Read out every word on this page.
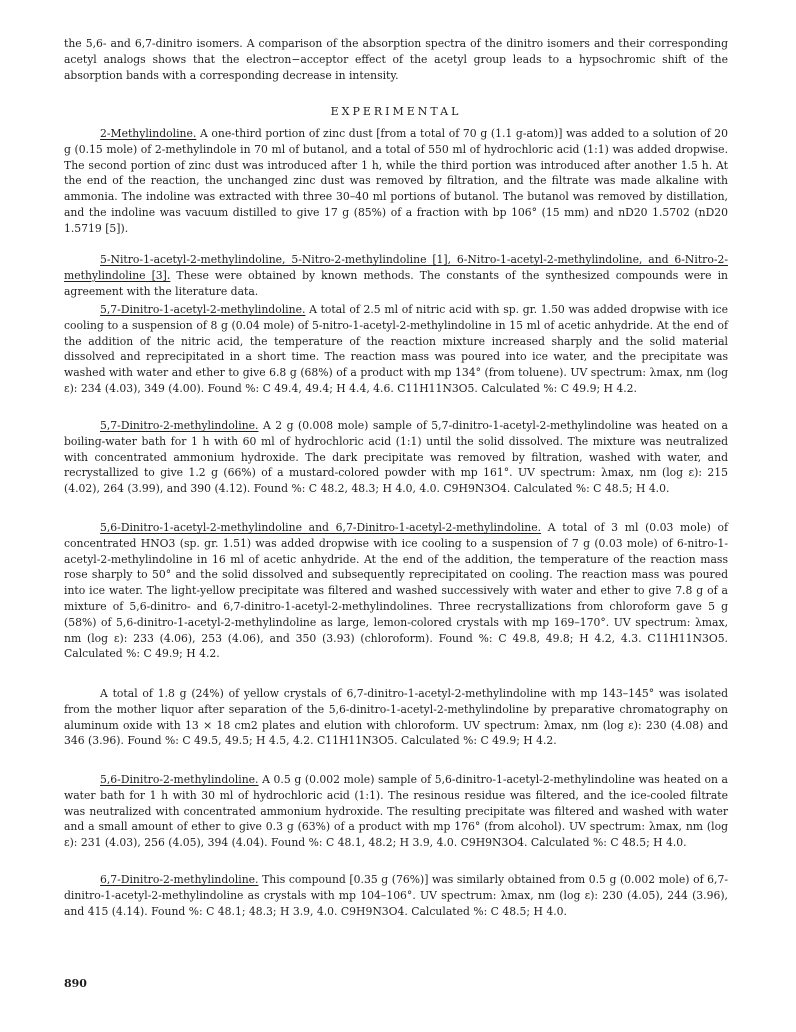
the 5,6- and 6,7-dinitro isomers. A comparison of the absorption spectra of the dinitro isomers and their corresponding acetyl analogs shows that the electron−acceptor effect of the acetyl group leads to a hypsochromic shift of the absorption bands with a corresponding decrease in intensity.

EXPERIMENTAL

2-Methylindoline. A one-third portion of zinc dust [from a total of 70 g (1.1 g-atom)] was added to a solution of 20 g (0.15 mole) of 2-methylindole in 70 ml of butanol, and a total of 550 ml of hydrochloric acid (1:1) was added dropwise. The second portion of zinc dust was introduced after 1 h, while the third portion was introduced after another 1.5 h. At the end of the reaction, the unchanged zinc dust was removed by filtration, and the filtrate was made alkaline with ammonia. The indoline was extracted with three 30–40 ml portions of butanol. The butanol was removed by distillation, and the indoline was vacuum distilled to give 17 g (85%) of a fraction with bp 106° (15 mm) and nD20 1.5702 (nD20 1.5719 [5]).

5-Nitro-1-acetyl-2-methylindoline, 5-Nitro-2-methylindoline [1], 6-Nitro-1-acetyl-2-methylindoline, and 6-Nitro-2-methylindoline [3]. These were obtained by known methods. The constants of the synthesized compounds were in agreement with the literature data.

5,7-Dinitro-1-acetyl-2-methylindoline. A total of 2.5 ml of nitric acid with sp. gr. 1.50 was added dropwise with ice cooling to a suspension of 8 g (0.04 mole) of 5-nitro-1-acetyl-2-methylindoline in 15 ml of acetic anhydride. At the end of the addition of the nitric acid, the temperature of the reaction mixture increased sharply and the solid material dissolved and reprecipitated in a short time. The reaction mass was poured into ice water, and the precipitate was washed with water and ether to give 6.8 g (68%) of a product with mp 134° (from toluene). UV spectrum: λmax, nm (log ε): 234 (4.03), 349 (4.00). Found %: C 49.4, 49.4; H 4.4, 4.6. C11H11N3O5. Calculated %: C 49.9; H 4.2.

5,7-Dinitro-2-methylindoline. A 2 g (0.008 mole) sample of 5,7-dinitro-1-acetyl-2-methylindoline was heated on a boiling-water bath for 1 h with 60 ml of hydrochloric acid (1:1) until the solid dissolved. The mixture was neutralized with concentrated ammonium hydroxide. The dark precipitate was removed by filtration, washed with water, and recrystallized to give 1.2 g (66%) of a mustard-colored powder with mp 161°. UV spectrum: λmax, nm (log ε): 215 (4.02), 264 (3.99), and 390 (4.12). Found %: C 48.2, 48.3; H 4.0, 4.0. C9H9N3O4. Calculated %: C 48.5; H 4.0.

5,6-Dinitro-1-acetyl-2-methylindoline and 6,7-Dinitro-1-acetyl-2-methylindoline. A total of 3 ml (0.03 mole) of concentrated HNO3 (sp. gr. 1.51) was added dropwise with ice cooling to a suspension of 7 g (0.03 mole) of 6-nitro-1-acetyl-2-methylindoline in 16 ml of acetic anhydride. At the end of the addition, the temperature of the reaction mass rose sharply to 50° and the solid dissolved and subsequently reprecipitated on cooling. The reaction mass was poured into ice water. The light-yellow precipitate was filtered and washed successively with water and ether to give 7.8 g of a mixture of 5,6-dinitro- and 6,7-dinitro-1-acetyl-2-methylindolines. Three recrystallizations from chloroform gave 5 g (58%) of 5,6-dinitro-1-acetyl-2-methylindoline as large, lemon-colored crystals with mp 169–170°. UV spectrum: λmax, nm (log ε): 233 (4.06), 253 (4.06), and 350 (3.93) (chloroform). Found %: C 49.8, 49.8; H 4.2, 4.3. C11H11N3O5. Calculated %: C 49.9; H 4.2.

A total of 1.8 g (24%) of yellow crystals of 6,7-dinitro-1-acetyl-2-methylindoline with mp 143–145° was isolated from the mother liquor after separation of the 5,6-dinitro-1-acetyl-2-methylindoline by preparative chromatography on aluminum oxide with 13 × 18 cm2 plates and elution with chloroform. UV spectrum: λmax, nm (log ε): 230 (4.08) and 346 (3.96). Found %: C 49.5, 49.5; H 4.5, 4.2. C11H11N3O5. Calculated %: C 49.9; H 4.2.

5,6-Dinitro-2-methylindoline. A 0.5 g (0.002 mole) sample of 5,6-dinitro-1-acetyl-2-methylindoline was heated on a water bath for 1 h with 30 ml of hydrochloric acid (1:1). The resinous residue was filtered, and the ice-cooled filtrate was neutralized with concentrated ammonium hydroxide. The resulting precipitate was filtered and washed with water and a small amount of ether to give 0.3 g (63%) of a product with mp 176° (from alcohol). UV spectrum: λmax, nm (log ε): 231 (4.03), 256 (4.05), 394 (4.04). Found %: C 48.1, 48.2; H 3.9, 4.0. C9H9N3O4. Calculated %: C 48.5; H 4.0.

6,7-Dinitro-2-methylindoline. This compound [0.35 g (76%)] was similarly obtained from 0.5 g (0.002 mole) of 6,7-dinitro-1-acetyl-2-methylindoline as crystals with mp 104–106°. UV spectrum: λmax, nm (log ε): 230 (4.05), 244 (3.96), and 415 (4.14). Found %: C 48.1; 48.3; H 3.9, 4.0. C9H9N3O4. Calculated %: C 48.5; H 4.0.

890
